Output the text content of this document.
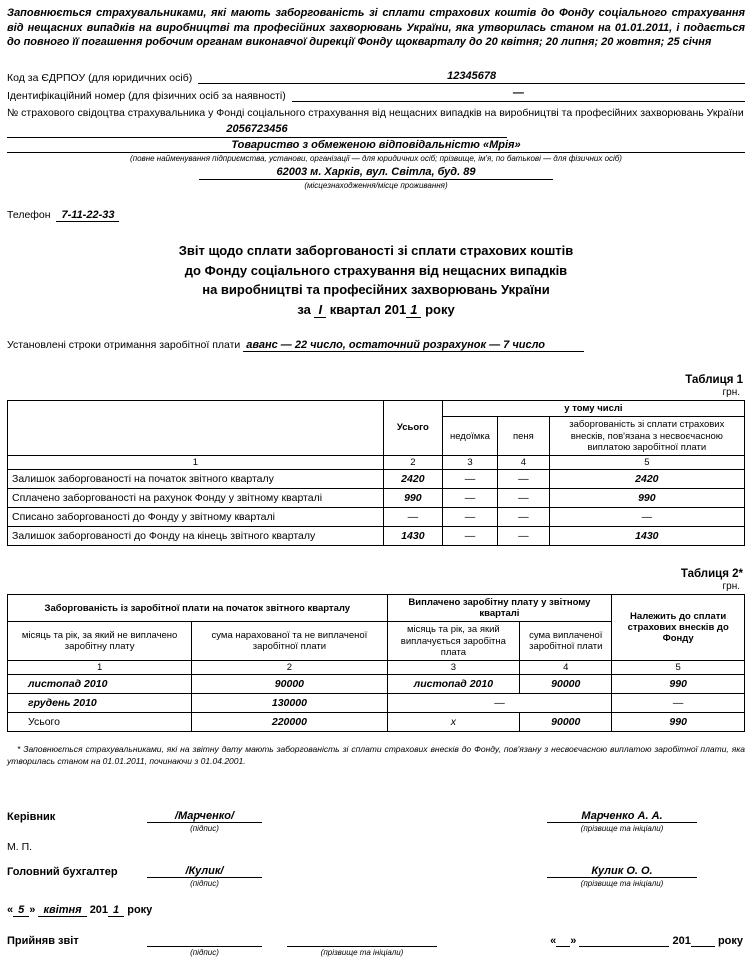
Заповнюється страхувальниками, які мають заборгованість зі сплати страхових коштів до Фонду соціального страхування від нещасних випадків на виробництві та професійних захворювань України, яка утворилась станом на 01.01.2011, і подається до повного її погашення робочим органам виконавчої дирекції Фонду щокварталу до 20 квітня; 20 липня; 20 жовтня; 25 січня

Код за ЄДРПОУ (для юридичних осіб)	12345678
Ідентифікаційний номер (для фізичних осіб за наявності)	—
№ страхового свідоцтва страхувальника у Фонді соціального страхування від нещасних випадків на виробництві та професійних захворювань України 2056723456
Товариство з обмеженою відповідальністю «Мрія»
(повне найменування підприємства, установи, організації — для юридичних осіб; прізвище, ім'я, по батькові — для фізичних осіб)
62003 м. Харків, вул. Світла, буд. 89
(місцезнаходження/місце проживання)
Телефон 7-11-22-33
Звіт щодо сплати заборгованості зі сплати страхових коштів
до Фонду соціального страхування від нещасних випадків
на виробництві та професійних захворювань України
за І квартал 201 1 року
Установлені строки отримання заробітної плати аванс — 22 число, остаточний розрахунок — 7 число
Таблиця 1
грн.
	Усього	у тому числі		
		недоїмка	пеня	заборгованість зі сплати страхових внесків, пов'язана з несвоєчасною виплатою заробітної плати
1	2	3	4	5
Залишок заборгованості на початок звітного кварталу	2420	—	—	2420
Сплачено заборгованості на рахунок Фонду у звітному кварталі	990	—	—	990
Списано заборгованості до Фонду у звітному кварталі	—	—	—	—
Залишок заборгованості до Фонду на кінець звітного кварталу	1430	—	—	1430
Таблиця 2*
грн.
Заборгованість із заробітної плати на початок звітного кварталу		Виплачено заробітну плату у звітному кварталі		Належить до сплати страхових внесків до Фонду
місяць та рік, за який не виплачено заробітну плату	сума нарахованої та не виплаченої заробітної плати	місяць та рік, за який виплачується заробітна плата	сума виплаченої заробітної плати	
1	2	3	4	5
листопад 2010	90000	листопад 2010	90000	990
грудень 2010	130000	—		—
Усього	220000	x	90000	990

* Заповнюється страхувальниками, які на звітну дату мають заборгованість зі сплати страхових внесків до Фонду, пов'язану з несвоєчасною виплатою заробітної плати, яка утворилась станом на 01.01.2011, починаючи з 01.04.2001.

Керівник	/Марченко/
(підпис)
Марченко А. А.
(прізвище та ініціали)
М. П.
Головний бухгалтер	/Кулик/
(підпис)
Кулик О. О.
(прізвище та ініціали)
« 5 » квітня 201 1 року
Прийняв звіт
(підпис)	(прізвище та ініціали)
« »	201 року
